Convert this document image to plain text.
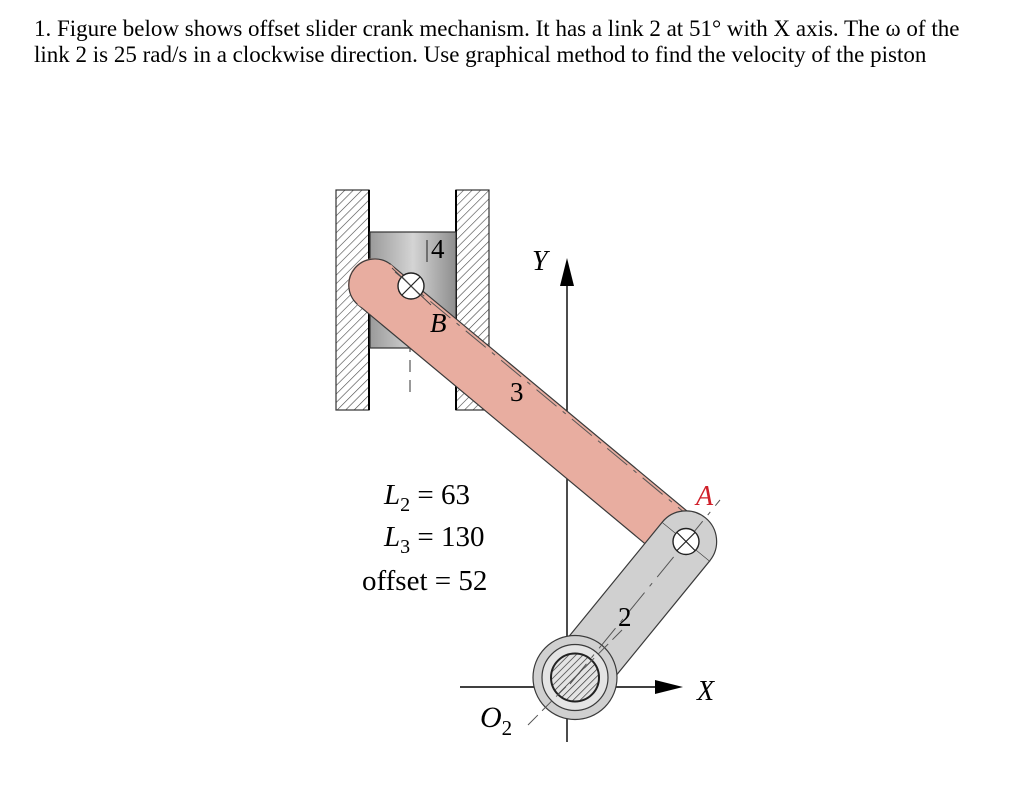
1. Figure below shows offset slider crank mechanism. It has a link 2 at 51° with X axis. The ω of the link 2 is 25 rad/s in a clockwise direction. Use graphical method to find the velocity of the piston

4
B
3
2
A
Y
X
$O_2$
$L_2 = 63$
$L_3 = 130$
offset = 52
